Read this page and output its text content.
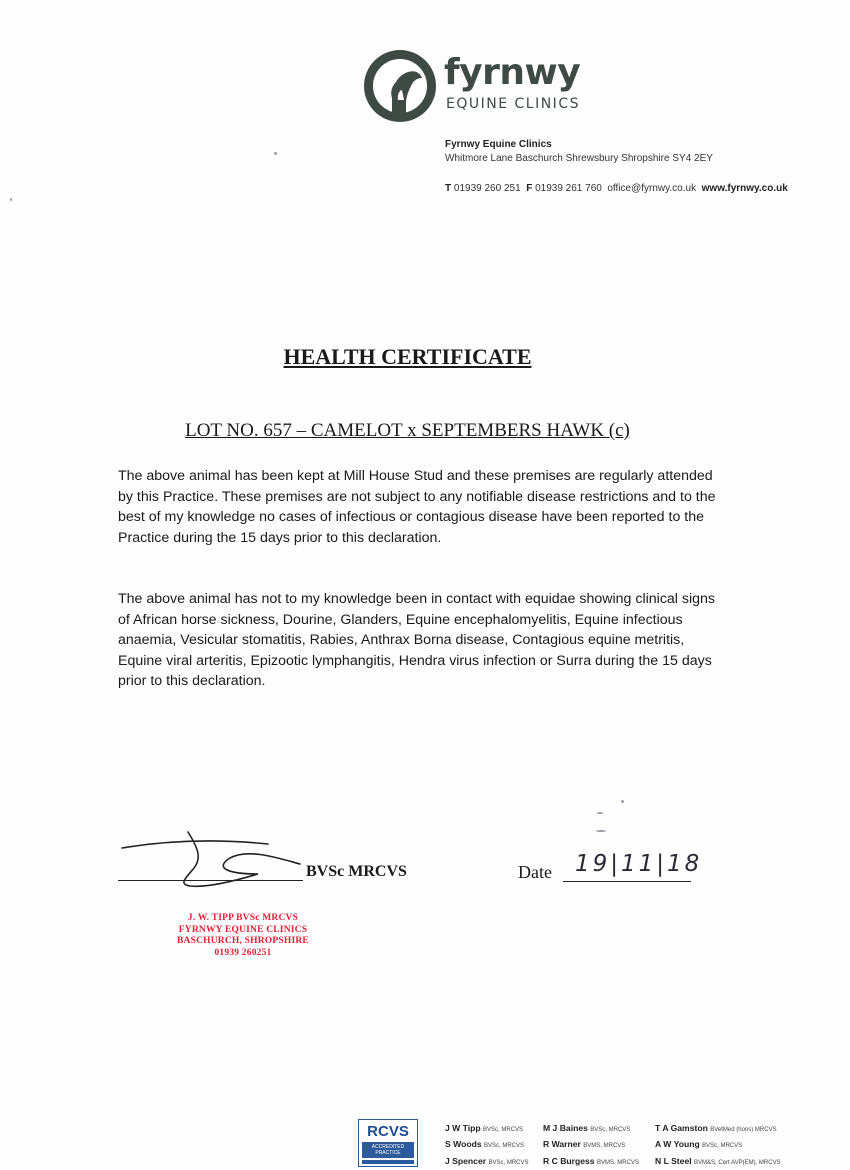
fyrnwy
EQUINE CLINICS
Fyrnwy Equine Clinics
Whitmore Lane Baschurch Shrewsbury Shropshire SY4 2EY
T 01939 260 251 F 01939 261 760 office@fyrnwy.co.uk www.fyrnwy.co.uk
HEALTH CERTIFICATE
LOT NO. 657 – CAMELOT x SEPTEMBERS HAWK (c)
The above animal has been kept at Mill House Stud and these premises are regularly attended by this Practice. These premises are not subject to any notifiable disease restrictions and to the best of my knowledge no cases of infectious or contagious disease have been reported to the Practice during the 15 days prior to this declaration.
The above animal has not to my knowledge been in contact with equidae showing clinical signs of African horse sickness, Dourine, Glanders, Equine encephalomyelitis, Equine infectious anaemia, Vesicular stomatitis, Rabies, Anthrax Borna disease, Contagious equine metritis, Equine viral arteritis, Epizootic lymphangitis, Hendra virus infection or Surra during the 15 days prior to this declaration.
BVSc MRCVS	Date 19|11|18
J. W. TIPP BVSc MRCVS
FYRNWY EQUINE CLINICS
BASCHURCH, SHROPSHIRE
01939 260251
RCVS
ACCREDITED PRACTICE
J W Tipp BVSc, MRCVS
S Woods BVSc, MRCVS
J Spencer BVSc, MRCVS
M J Baines BVSc, MRCVS
R Warner BVMS, MRCVS
R C Burgess BVMS, MRCVS
T A Gamston BVetMed (hons) MRCVS
A W Young BVSc, MRCVS
N L Steel BVM&S, Cert AVP(EM), MRCVS
